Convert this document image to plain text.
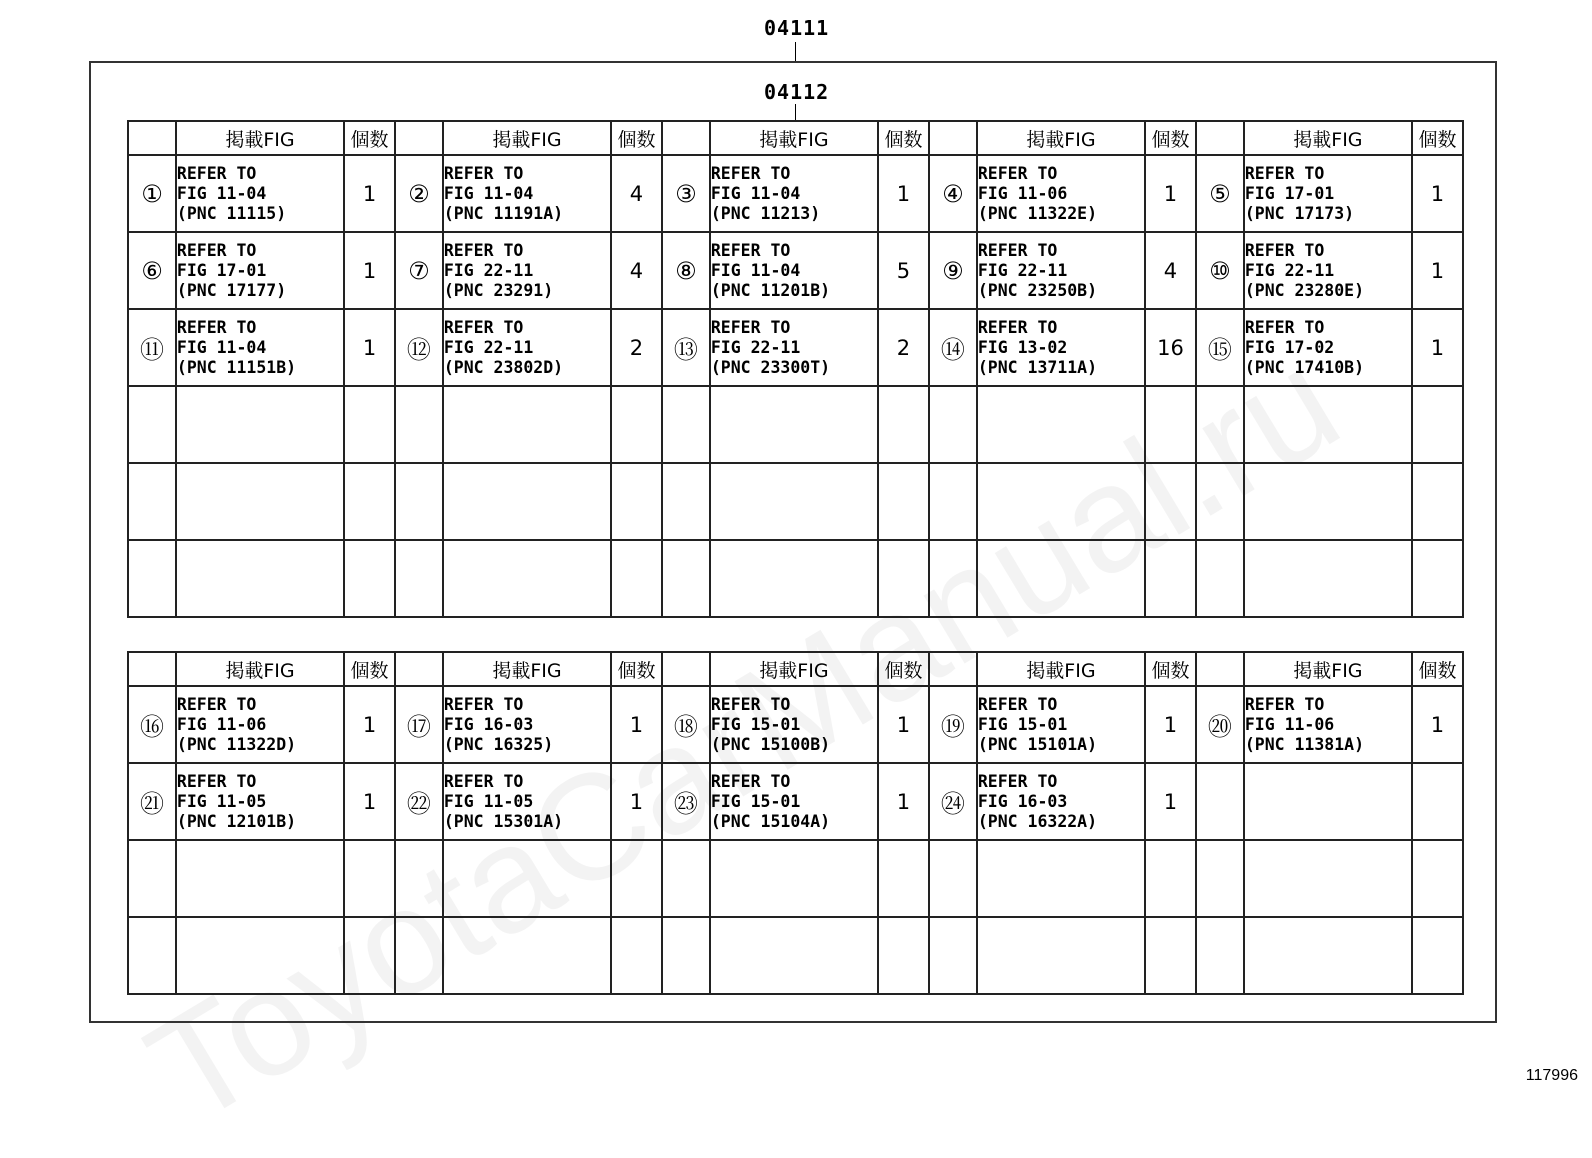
04111
04112
	掲載FIG	個数		掲載FIG	個数		掲載FIG	個数		掲載FIG	個数		掲載FIG	個数
①	REFER TO
FIG 11-04
(PNC 11115)	1	②	REFER TO
FIG 11-04
(PNC 11191A)	4	③	REFER TO
FIG 11-04
(PNC 11213)	1	④	REFER TO
FIG 11-06
(PNC 11322E)	1	⑤	REFER TO
FIG 17-01
(PNC 17173)	1
⑥	REFER TO
FIG 17-01
(PNC 17177)	1	⑦	REFER TO
FIG 22-11
(PNC 23291)	4	⑧	REFER TO
FIG 11-04
(PNC 11201B)	5	⑨	REFER TO
FIG 22-11
(PNC 23250B)	4	⑩	REFER TO
FIG 22-11
(PNC 23280E)	1
⑪	REFER TO
FIG 11-04
(PNC 11151B)	1	⑫	REFER TO
FIG 22-11
(PNC 23802D)	2	⑬	REFER TO
FIG 22-11
(PNC 23300T)	2	⑭	REFER TO
FIG 13-02
(PNC 13711A)	16	⑮	REFER TO
FIG 17-02
(PNC 17410B)	1

	掲載FIG	個数		掲載FIG	個数		掲載FIG	個数		掲載FIG	個数		掲載FIG	個数
⑯	REFER TO
FIG 11-06
(PNC 11322D)	1	⑰	REFER TO
FIG 16-03
(PNC 16325)	1	⑱	REFER TO
FIG 15-01
(PNC 15100B)	1	⑲	REFER TO
FIG 15-01
(PNC 15101A)	1	⑳	REFER TO
FIG 11-06
(PNC 11381A)	1
㉑	REFER TO
FIG 11-05
(PNC 12101B)	1	㉒	REFER TO
FIG 11-05
(PNC 15301A)	1	㉓	REFER TO
FIG 15-01
(PNC 15104A)	1	㉔	REFER TO
FIG 16-03
(PNC 16322A)	1			

117996
